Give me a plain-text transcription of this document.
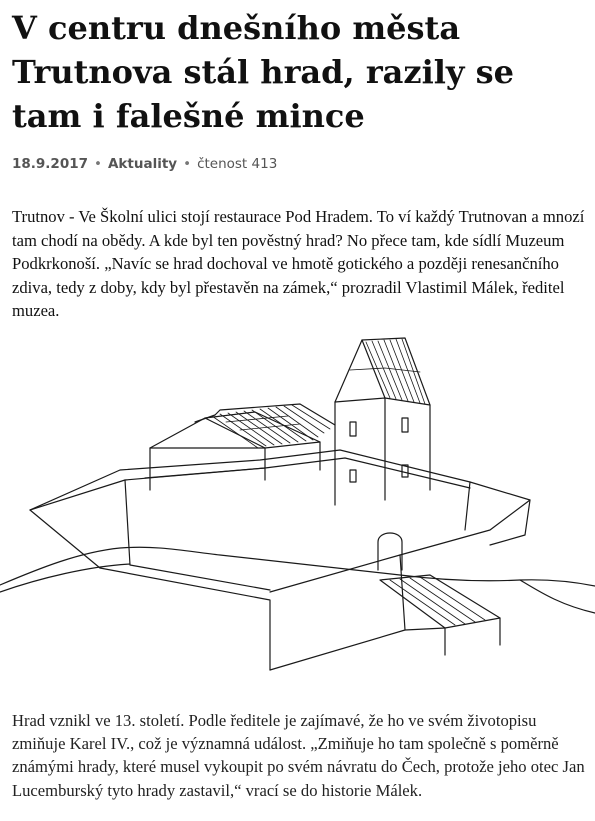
V centru dnešního města Trutnova stál hrad, razily se tam i falešné mince
18.9.2017 • Aktuality • čtenost 413

Trutnov - Ve Školní ulici stojí restaurace Pod Hradem. To ví každý Trutnovan a mnozí tam chodí na obědy. A kde byl ten pověstný hrad? No přece tam, kde sídlí Muzeum Podkrkonoší. „Navíc se hrad dochoval ve hmotě gotického a později renesančního zdiva, tedy z doby, kdy byl přestavěn na zámek,“ prozradil Vlastimil Málek, ředitel muzea.

Hrad vznikl ve 13. století. Podle ředitele je zajímavé, že ho ve svém životopisu zmiňuje Karel IV., což je významná událost. „Zmiňuje ho tam společně s poměrně známými hrady, které musel vykoupit po svém návratu do Čech, protože jeho otec Jan Lucemburský tyto hrady zastavil,“ vrací se do historie Málek.
